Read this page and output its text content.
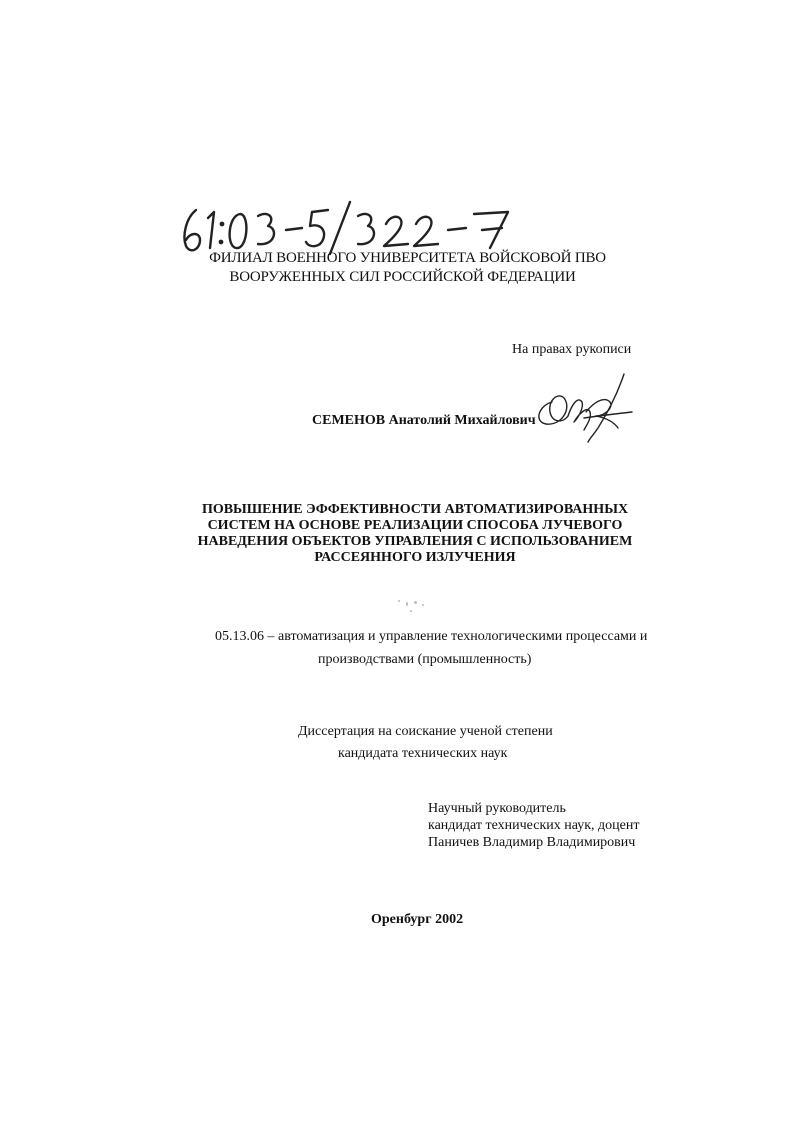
ФИЛИАЛ ВОЕННОГО УНИВЕРСИТЕТА ВОЙСКОВОЙ ПВО
ВООРУЖЕННЫХ СИЛ РОССИЙСКОЙ ФЕДЕРАЦИИ
На правах рукописи
СЕМЕНОВ Анатолий Михайлович
ПОВЫШЕНИЕ ЭФФЕКТИВНОСТИ АВТОМАТИЗИРОВАННЫХ СИСТЕМ НА ОСНОВЕ РЕАЛИЗАЦИИ СПОСОБА ЛУЧЕВОГО НАВЕДЕНИЯ ОБЪЕКТОВ УПРАВЛЕНИЯ С ИСПОЛЬЗОВАНИЕМ РАССЕЯННОГО ИЗЛУЧЕНИЯ
05.13.06 – автоматизация и управление технологическими процессами и
производствами (промышленность)
Диссертация на соискание ученой степени
кандидата технических наук
Научный руководитель
кандидат технических наук, доцент
Паничев Владимир Владимирович
Оренбург 2002
